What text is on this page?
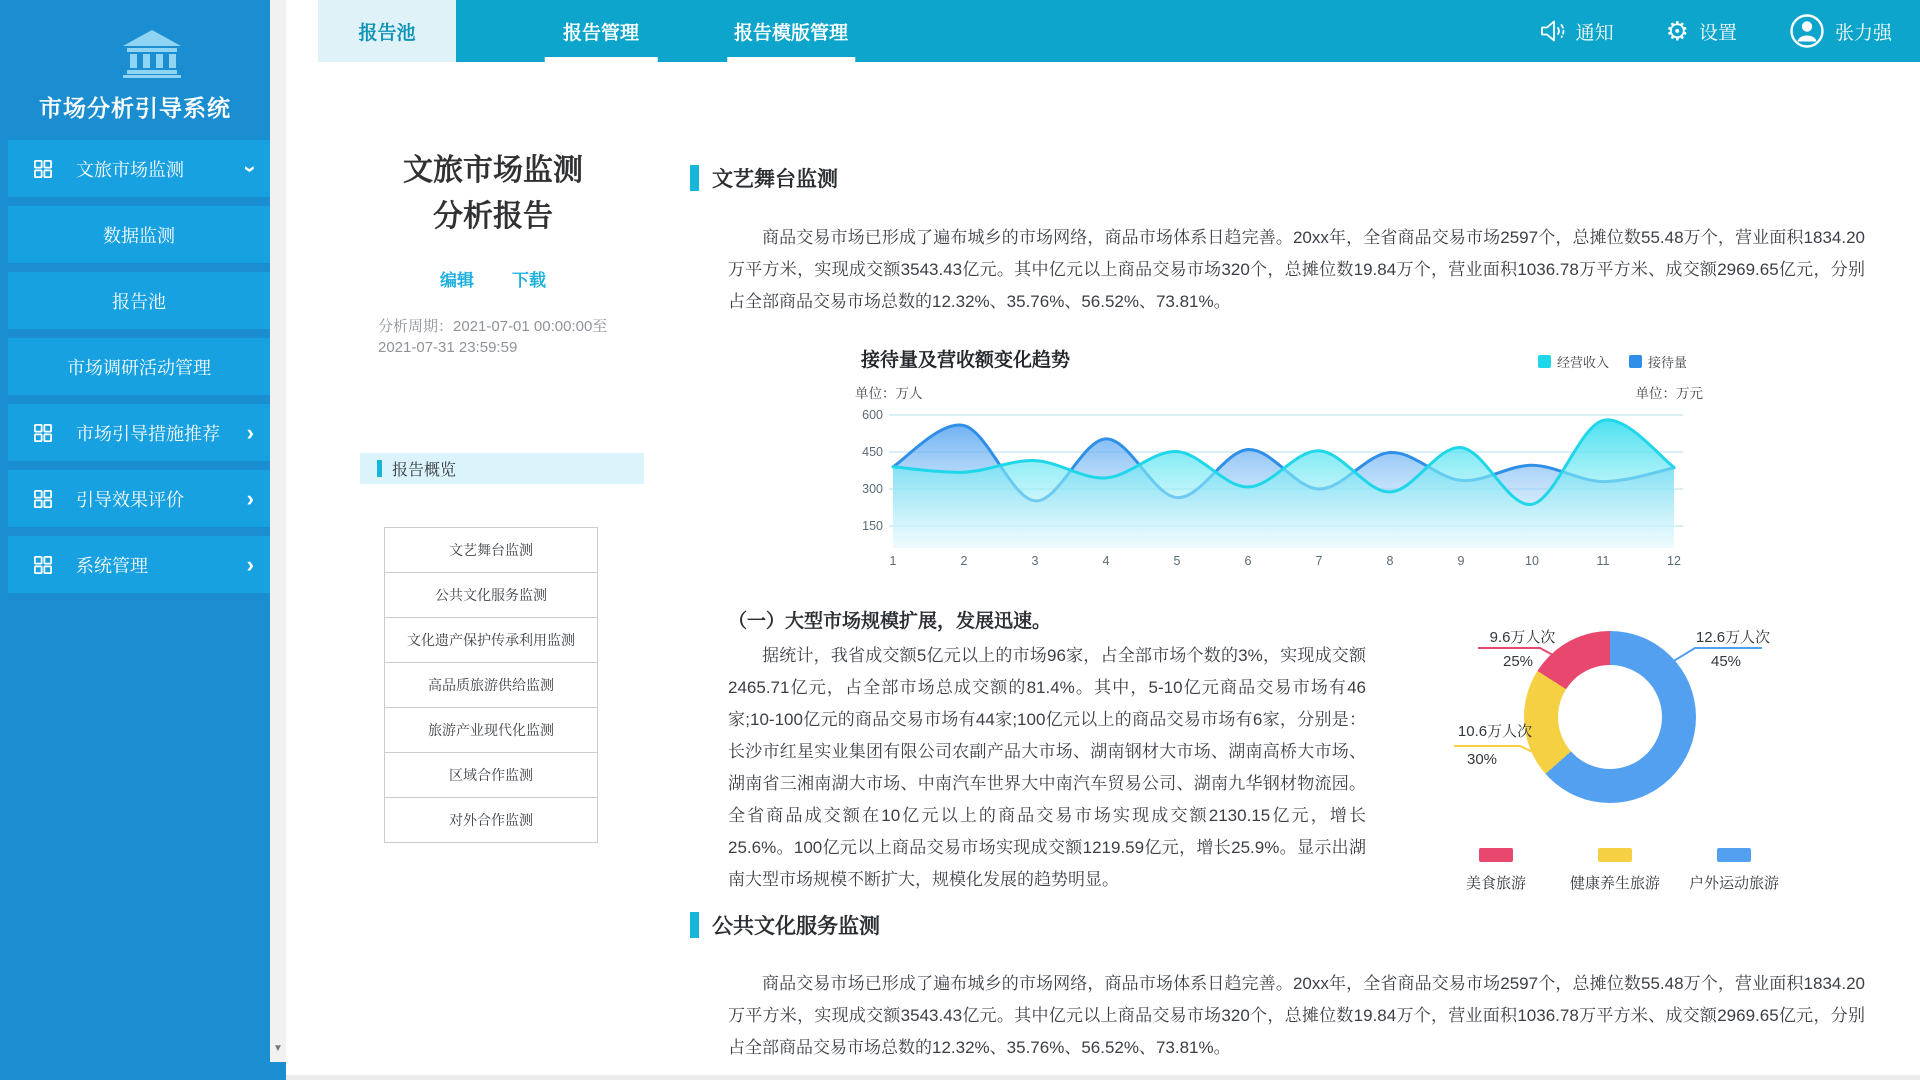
市场分析引导系统
文旅市场监测 ›
数据监测
报告池
市场调研活动管理
市场引导措施推荐 ›
引导效果评价	›
系统管理	›
▼
报告池	报告管理	报告模版管理	通知 ⚙ 设置	张力强
文旅市场监测
分析报告
编辑 下载
分析周期：2021-07-01 00:00:00至
2021-07-31 23:59:59
报告概览
文艺舞台监测
公共文化服务监测
文化遗产保护传承利用监测
高品质旅游供给监测
旅游产业现代化监测
区域合作监测
对外合作监测
文艺舞台监测
商品交易市场已形成了遍布城乡的市场网络，商品市场体系日趋完善。20xx年，全省商品交易市场2597个，总摊位数55.48万个，营业面积1834.20万平方米，实现成交额3543.43亿元。其中亿元以上商品交易市场320个，总摊位数19.84万个，营业面积1036.78万平方米、成交额2969.65亿元，分别占全部商品交易市场总数的12.32%、35.76%、56.52%、73.81%。
接待量及营收额变化趋势	经营收入	接待量
单位：万人	单位：万元
600
450
300
150
1	2	3	4	5	6	7	8	9	10	11	12
（一）大型市场规模扩展，发展迅速。
据统计，我省成交额5亿元以上的市场96家，占全部市场个数的3%，实现成交额2465.71亿元，占全部市场总成交额的81.4%。其中，5-10亿元商品交易市场有46家;10-100亿元的商品交易市场有44家;100亿元以上的商品交易市场有6家，分别是：长沙市红星实业集团有限公司农副产品大市场、湖南钢材大市场、湖南高桥大市场、湖南省三湘南湖大市场、中南汽车世界大中南汽车贸易公司、湖南九华钢材物流园。全省商品成交额在10亿元以上的商品交易市场实现成交额2130.15亿元，增长25.6%。100亿元以上商品交易市场实现成交额1219.59亿元，增长25.9%。显示出湖南大型市场规模不断扩大，规模化发展的趋势明显。
9.6万人次
25%
12.6万人次
45%
10.6万人次
30%
美食旅游	健康养生旅游 户外运动旅游
公共文化服务监测
商品交易市场已形成了遍布城乡的市场网络，商品市场体系日趋完善。20xx年，全省商品交易市场2597个，总摊位数55.48万个，营业面积1834.20万平方米，实现成交额3543.43亿元。其中亿元以上商品交易市场320个，总摊位数19.84万个，营业面积1036.78万平方米、成交额2969.65亿元，分别占全部商品交易市场总数的12.32%、35.76%、56.52%、73.81%。
